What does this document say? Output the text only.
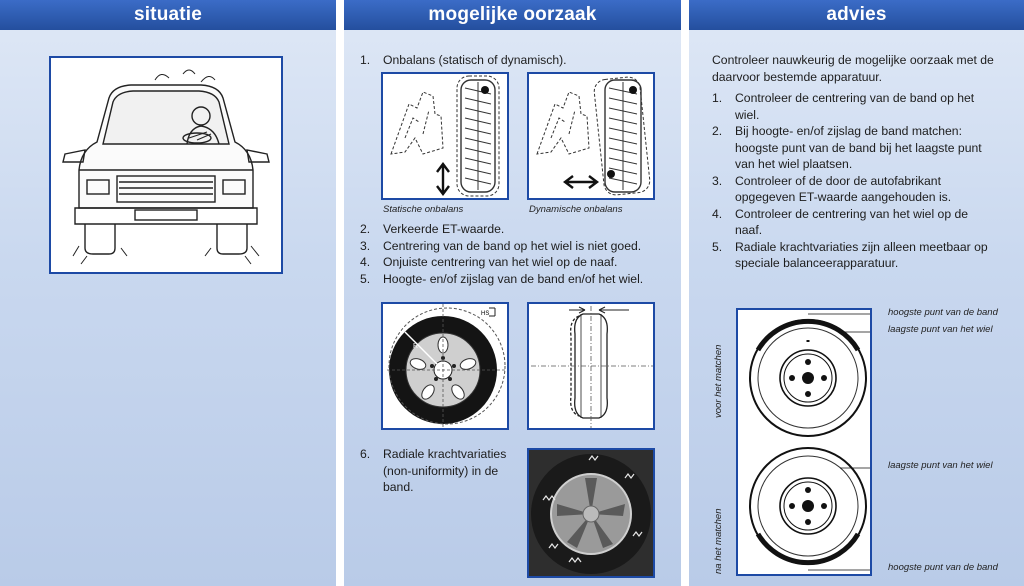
situatie	mogelijke oorzaak
1. Onbalans (statisch of dynamisch).
Statische onbalans	Dynamische onbalans
2. Verkeerde ET-waarde.
3. Centrering van de band op het wiel is niet goed.
4. Onjuiste centrering van het wiel op de naaf.
5. Hoogte- en/of zijslag van de band en/of het wiel.
HS
R
6. Radiale krachtvariaties (non-uniformity) in de band.
advies
Controleer nauwkeurig de mogelijke oorzaak met de daarvoor bestemde apparatuur.
1. Controleer de centrering van de band op het wiel.
2. Bij hoogte- en/of zijslag de band matchen: hoogste punt van de band bij het laagste punt van het wiel plaatsen.
3. Controleer of de door de autofabrikant opgegeven ET-waarde aangehouden is.
4. Controleer de centrering van het wiel op de naaf.
5. Radiale krachtvariaties zijn alleen meetbaar op speciale balanceerapparatuur.
voor het matchen
na het matchen
hoogste punt van de band
laagste punt van het wiel
laagste punt van het wiel
hoogste punt van de band
